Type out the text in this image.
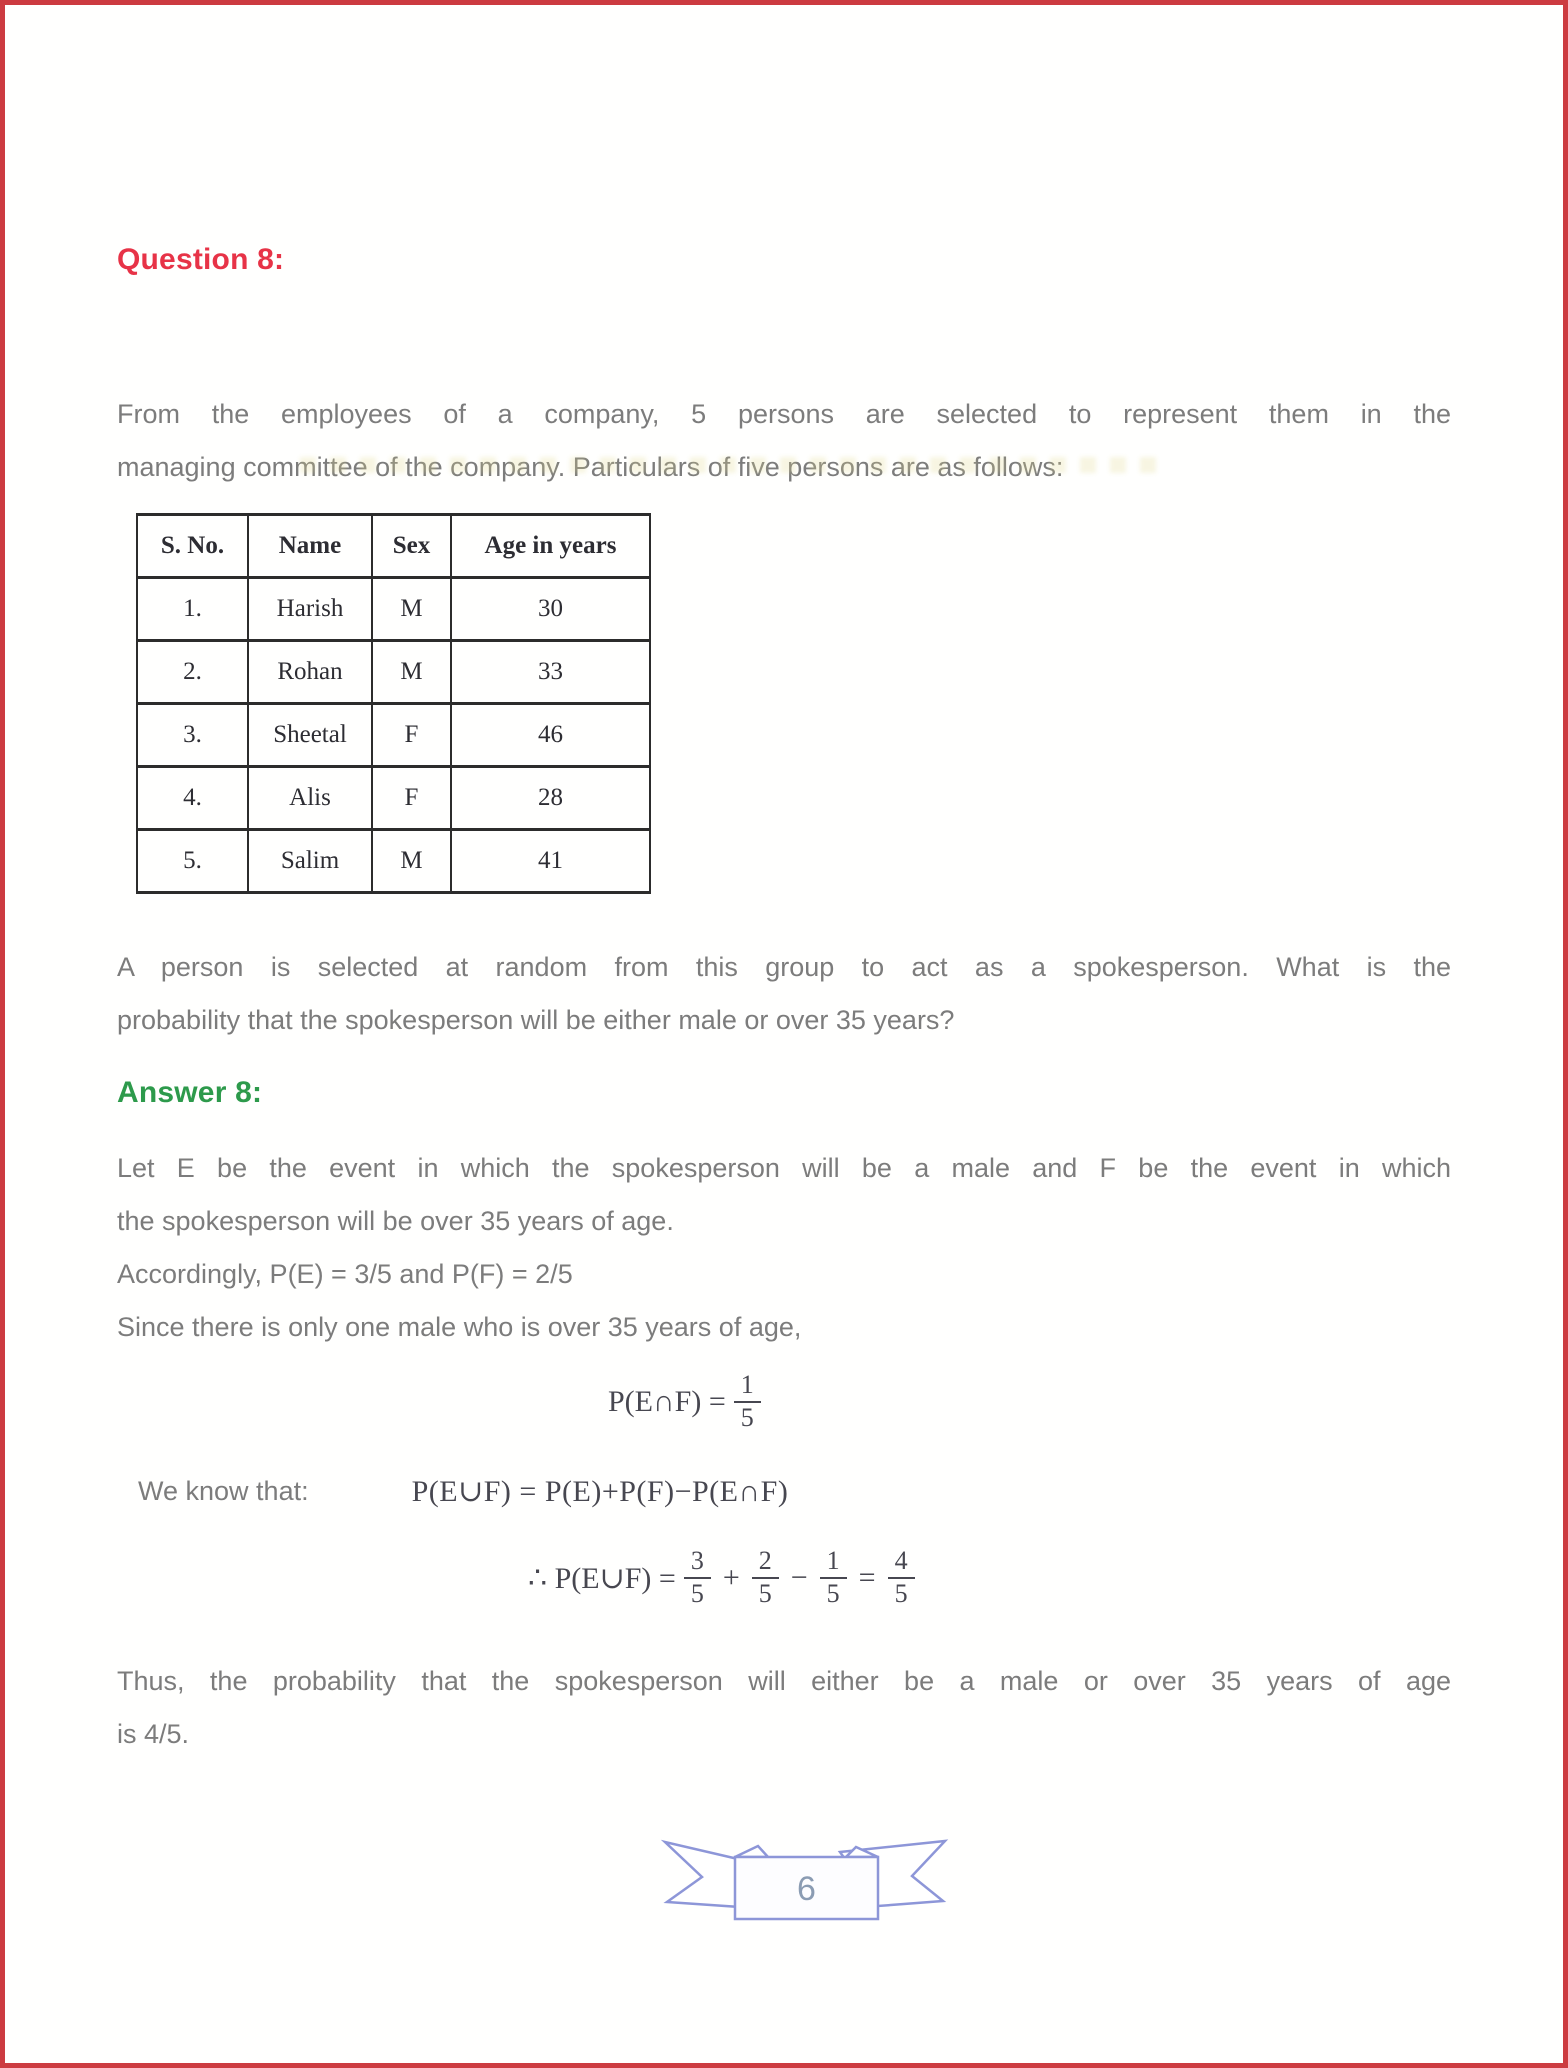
Question 8:
From the employees of a company, 5 persons are selected to represent them in the
managing committee of the company. Particulars of five persons are as follows:
S. No.	Name	Sex	Age in years
1.	Harish	M	30
2.	Rohan	M	33
3.	Sheetal	F	46
4.	Alis	F	28
5.	Salim	M	41
A person is selected at random from this group to act as a spokesperson. What is the
probability that the spokesperson will be either male or over 35 years?
Answer 8:
Let E be the event in which the spokesperson will be a male and F be the event in which
the spokesperson will be over 35 years of age.
Accordingly, P(E) = 3/5 and P(F) = 2/5
Since there is only one male who is over 35 years of age,
P(E∩F) = $\frac{1}{5}$
We know that:	P(E∪F) = P(E)+P(F)−P(E∩F)
∴ P(E∪F) = $\frac{3}{5} + \frac{2}{5} - \frac{1}{5} = \frac{4}{5}$
Thus, the probability that the spokesperson will either be a male or over 35 years of age
is 4/5.
6
